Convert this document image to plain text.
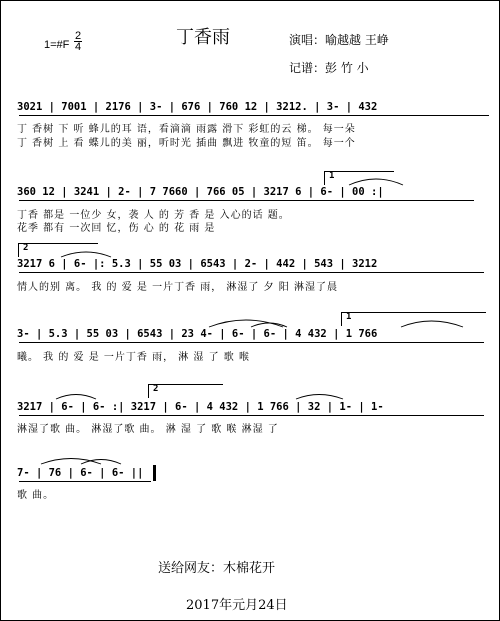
1=#F
2
4	丁香雨	演唱：喻越越 王峥
记谱：彭 竹 小
3021 | 7001 | 2176 | 3- | 676 | 760 12 | 3212. | 3- | 432
丁 香树 下 听 蜂儿的耳 语，看滴滴 雨露 滑下 彩虹的云 梯。 每一朵
丁 香树 上 看 蝶儿的美 丽，听时光 插曲 飘进 牧童的短 笛。 每一个
1
360 12 | 3241 | 2- | 7 7660 | 766 05 | 3217 6 | 6- | 00 :|
丁香 都是 一位少 女，袭 人 的 芳 香 是 入心的话 题。
花季 都有 一次回 忆，伤 心 的 花 雨 是
2
3217 6 | 6- |: 5.3 | 55 03 | 6543 | 2- | 442 | 543 | 3212
情人的别 离。 我 的 爱 是 一片丁香 雨， 淋湿了 夕 阳 淋湿了晨
1
3- | 5.3 | 55 03 | 6543 | 23 4- | 6- | 6- | 4 432 | 1 766
曦。 我 的 爱 是 一片丁香 雨， 淋 湿 了 歌 喉
2
3217 | 6- | 6- :| 3217 | 6- | 4 432 | 1 766 | 32 | 1- | 1-
淋湿了歌 曲。 淋湿了歌 曲。 淋 湿 了 歌 喉 淋湿 了
7- | 76 | 6- | 6- ||
歌 曲。
送给网友：木棉花开
2017年元月24日
